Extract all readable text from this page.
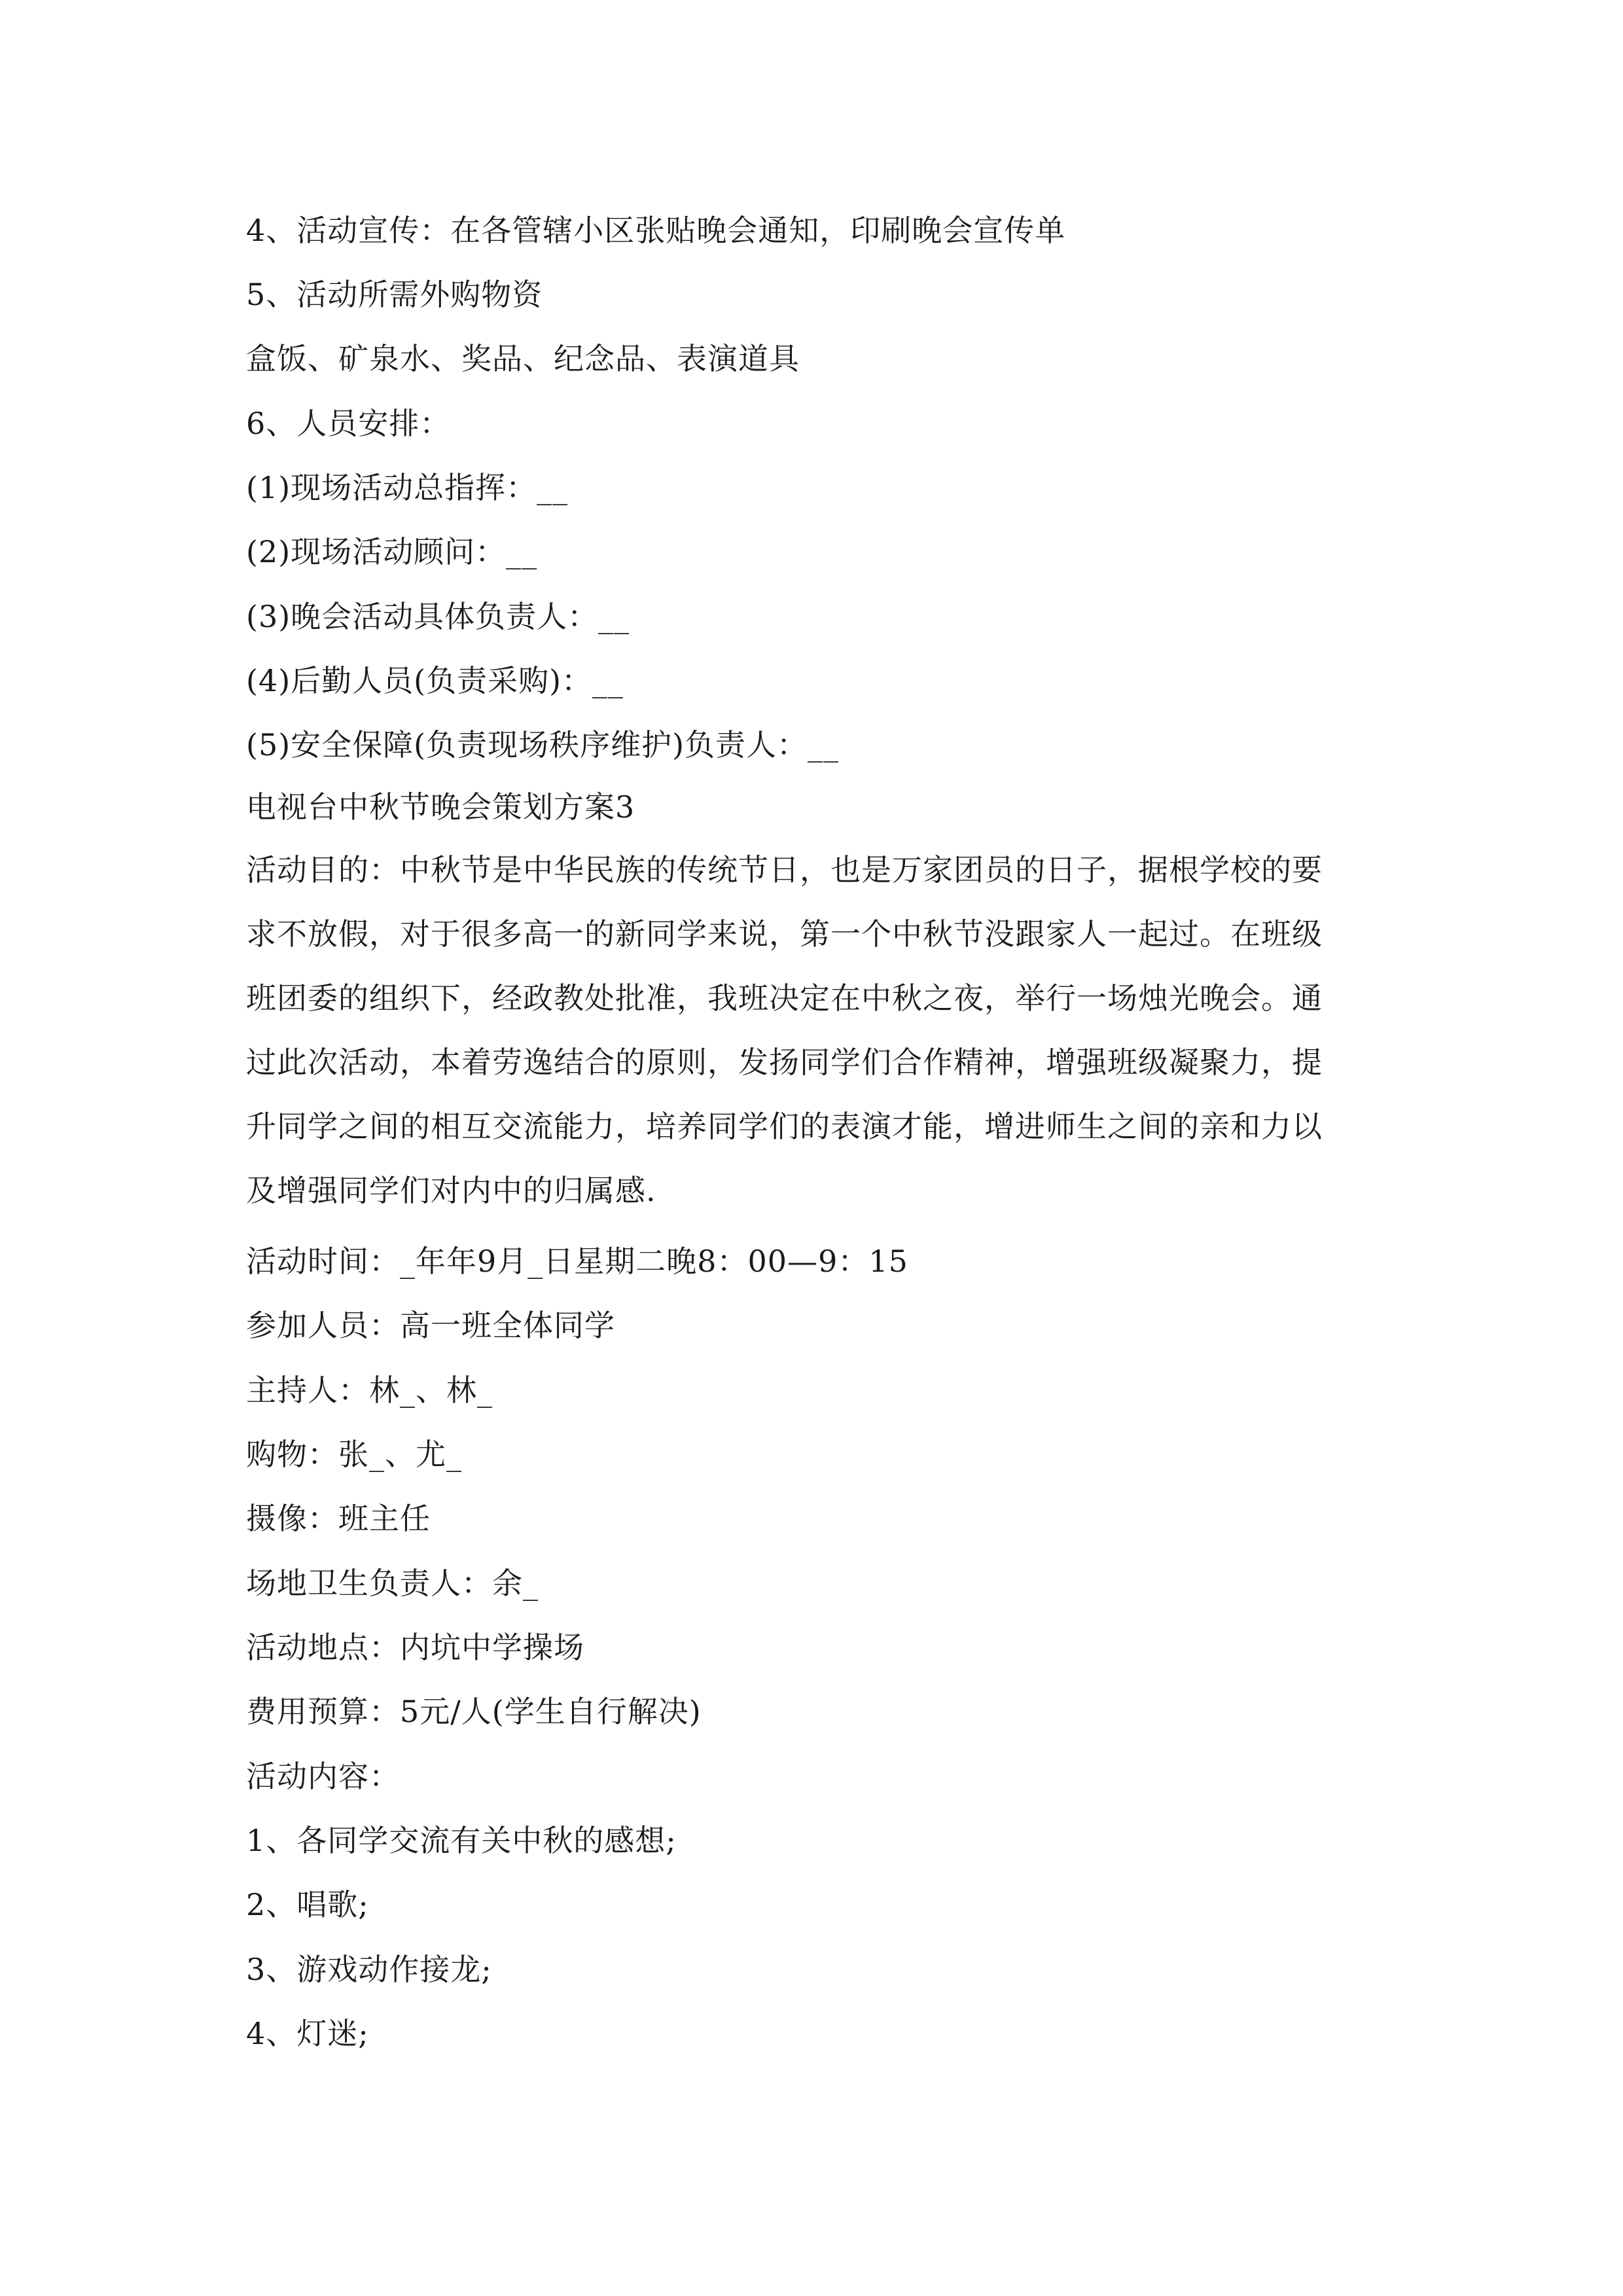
4、活动宣传：在各管辖小区张贴晚会通知，印刷晚会宣传单
5、活动所需外购物资
盒饭、矿泉水、奖品、纪念品、表演道具
6、人员安排：
(1)现场活动总指挥：__
(2)现场活动顾问：__
(3)晚会活动具体负责人：__
(4)后勤人员(负责采购)：__
(5)安全保障(负责现场秩序维护)负责人：__
电视台中秋节晚会策划方案3
活动目的：中秋节是中华民族的传统节日，也是万家团员的日子，据根学校的要
求不放假，对于很多高一的新同学来说，第一个中秋节没跟家人一起过。在班级
班团委的组织下，经政教处批准，我班决定在中秋之夜，举行一场烛光晚会。通
过此次活动，本着劳逸结合的原则，发扬同学们合作精神，增强班级凝聚力，提
升同学之间的相互交流能力，培养同学们的表演才能，增进师生之间的亲和力以
及增强同学们对内中的归属感.
活动时间：_年年9月_日星期二晚8：00—9：15
参加人员：高一班全体同学
主持人：林_、林_
购物：张_、尤_
摄像：班主任
场地卫生负责人：余_
活动地点：内坑中学操场
费用预算：5元/人(学生自行解决)
活动内容：
1、各同学交流有关中秋的感想;
2、唱歌;
3、游戏动作接龙;
4、灯迷;
